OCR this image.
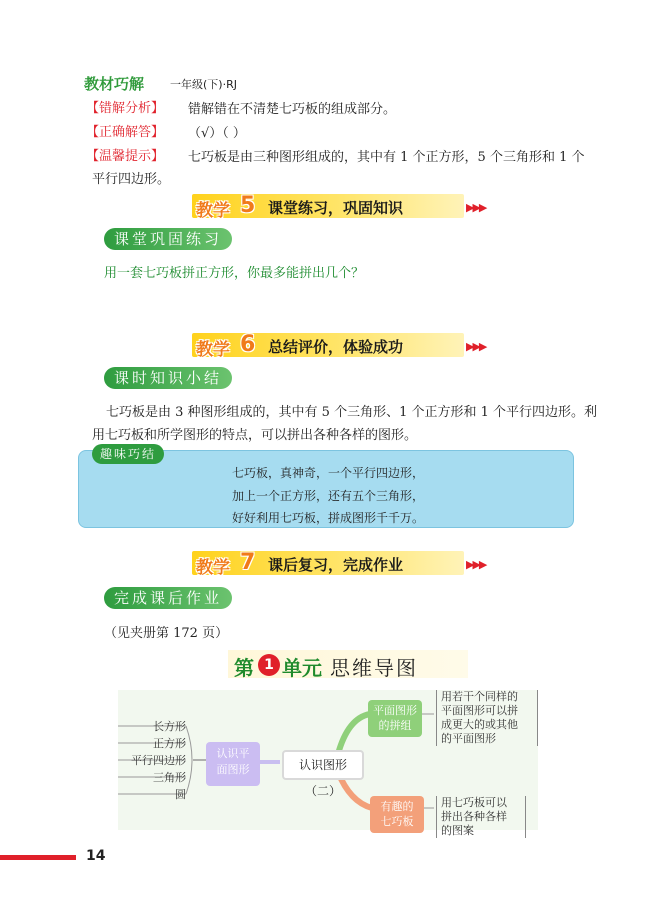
教材巧解 一年级(下)·RJ
【错解分析】 错解错在不清楚七巧板的组成部分。
【正确解答】 （√）（ ）
【温馨提示】 七巧板是由三种图形组成的，其中有 1 个正方形，5 个三角形和 1 个
平行四边形。
教学 5 课堂练习，巩固知识	▶▶▶
课堂巩固练习
用一套七巧板拼正方形，你最多能拼出几个？
教学 6 总结评价，体验成功	▶▶▶
课时知识小结
七巧板是由 3 种图形组成的，其中有 5 个三角形、1 个正方形和 1 个平行四边形。利
用七巧板和所学图形的特点，可以拼出各种各样的图形。
趣味巧结
七巧板，真神奇，一个平行四边形，
加上一个正方形，还有五个三角形，
好好利用七巧板，拼成图形千千万。
教学 7 课后复习，完成作业	▶▶▶
完成课后作业
（见夹册第 172 页）
第 1 单元 思维导图
长方形
正方形
平行四边形
三角形
圆
认识平
面图形	认识图形（二）
平面图形
的拼组
有趣的
七巧板
用若干个同样的
平面图形可以拼
成更大的或其他
的平面图形
用七巧板可以
拼出各种各样
的图案
14
